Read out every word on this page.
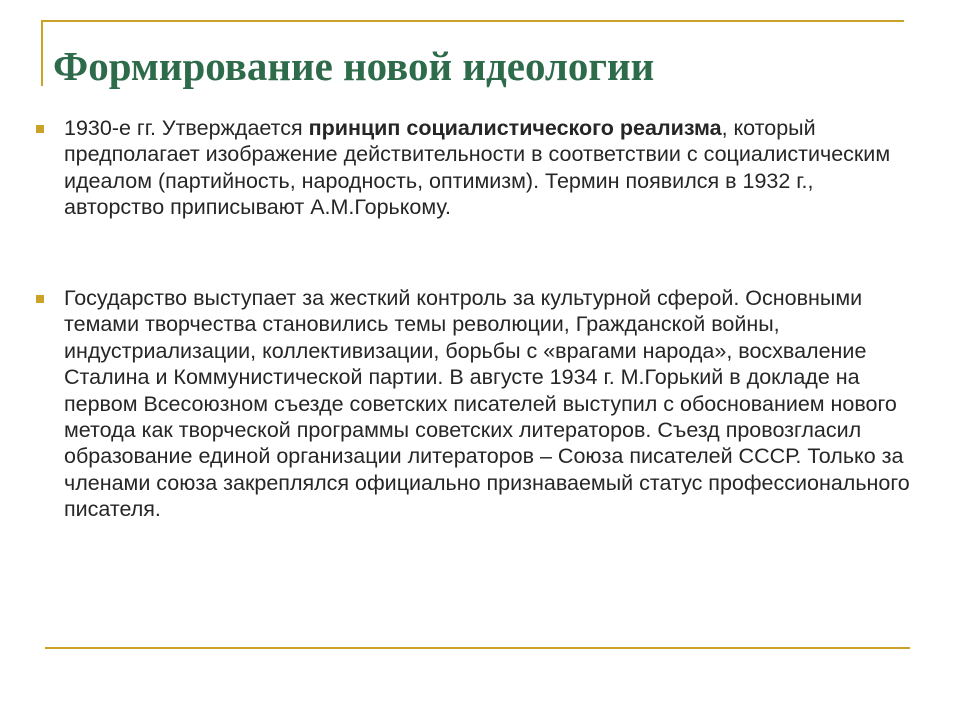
Формирование новой идеологии

1930-е гг. Утверждается принцип социалистического реализма, который предполагает изображение действительности в соответствии с социалистическим идеалом (партийность, народность, оптимизм). Термин появился в 1932 г., авторство приписывают А.М.Горькому.

Государство выступает за жесткий контроль за культурной сферой. Основными темами творчества становились темы революции, Гражданской войны, индустриализации, коллективизации, борьбы с «врагами народа», восхваление Сталина и Коммунистической партии. В августе 1934 г. М.Горький в докладе на первом Всесоюзном съезде советских писателей выступил с обоснованием нового метода как творческой программы советских литераторов. Съезд провозгласил образование единой организации литераторов – Союза писателей СССР. Только за членами союза закреплялся официально признаваемый статус профессионального писателя.
